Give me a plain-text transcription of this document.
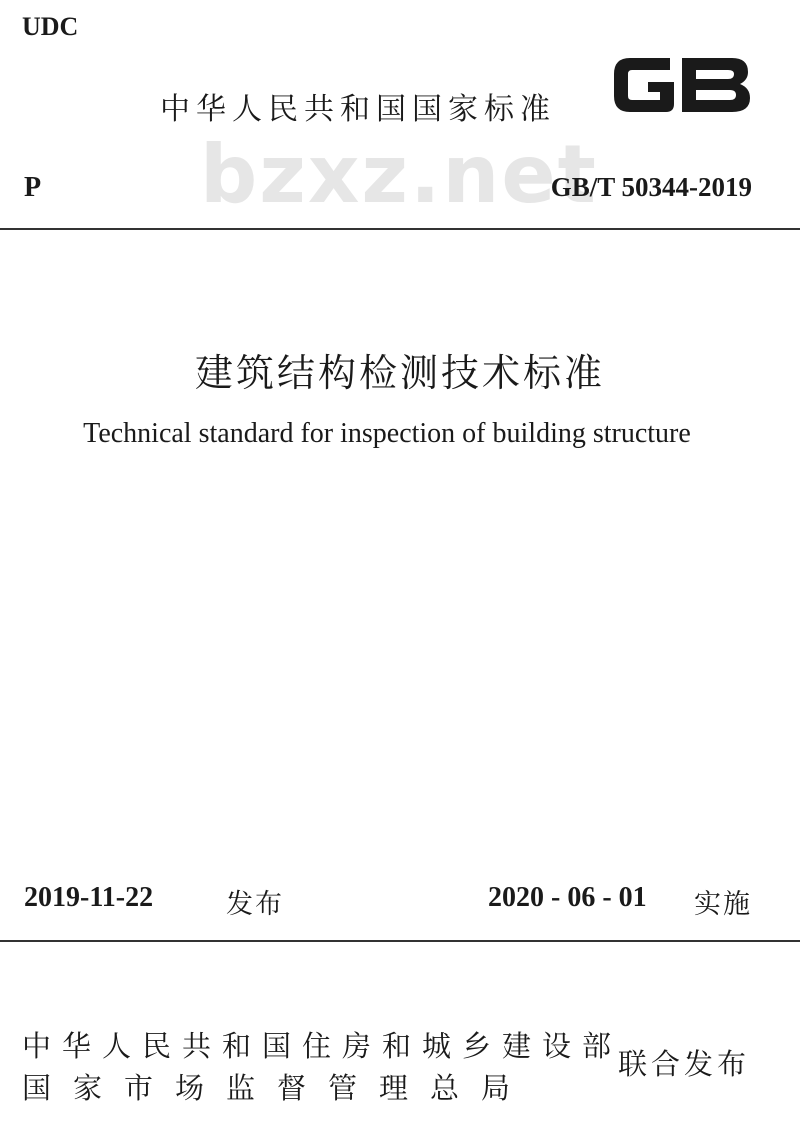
UDC
中华人民共和国国家标准
bzxz.net
P	GB/T 50344-2019
建筑结构检测技术标准
Technical standard for inspection of building structure
2019-11-22	发布	2020 - 06 - 01 实施
中华人民共和国住房和城乡建设部
国家市场监督管理总局
联合发布
